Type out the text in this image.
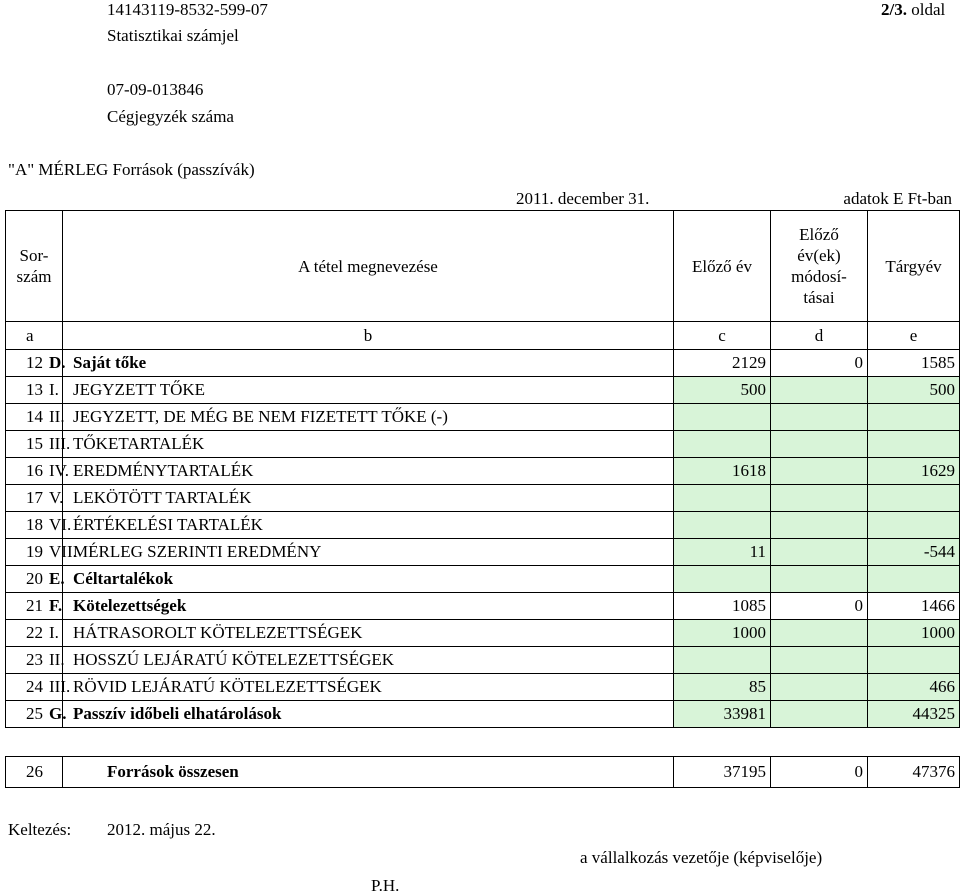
14143119-8532-599-07
Statisztikai számjel
07-09-013846
Cégjegyzék száma
2/3. oldal
"A" MÉRLEG Források (passzívák)
2011. december 31.	adatok E Ft-ban
Sor-
szám	A tétel megnevezése	Előző év	Előző
év(ek)
módosí-
tásai	Tárgyév
a	b	c	d	e
12	D. Saját tőke	2129	0	1585
13	I. JEGYZETT TŐKE	500		500
14	II. JEGYZETT, DE MÉG BE NEM FIZETETT TŐKE (-)			
15	III. TŐKETARTALÉK			
16	IV. EREDMÉNYTARTALÉK	1618		1629
17	V. LEKÖTÖTT TARTALÉK			
18	VI. ÉRTÉKELÉSI TARTALÉK			
19	VII.MÉRLEG SZERINTI EREDMÉNY	11		-544
20	E. Céltartalékok			
21	F. Kötelezettségek	1085	0	1466
22	I. HÁTRASOROLT KÖTELEZETTSÉGEK	1000		1000
23	II. HOSSZÚ LEJÁRATÚ KÖTELEZETTSÉGEK			
24	III. RÖVID LEJÁRATÚ KÖTELEZETTSÉGEK	85		466
25	G. Passzív időbeli elhatárolások	33981		44325

26	Források összesen	37195	0	47376
Keltezés: 2012. május 22.
a vállalkozás vezetője (képviselője)
P.H.
